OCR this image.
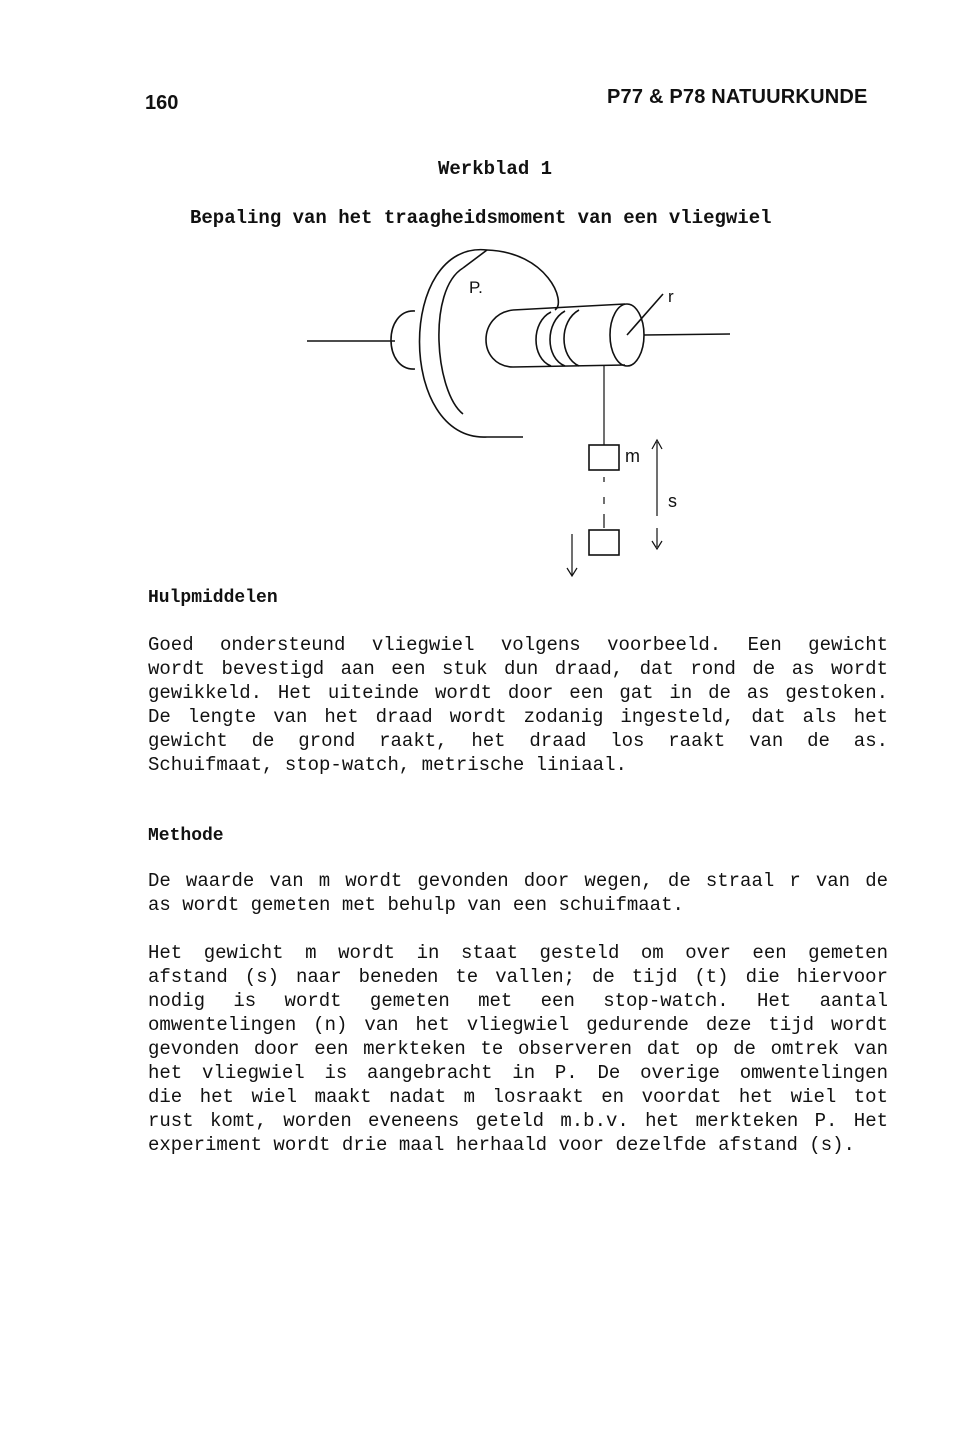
160	P77 & P78 NATUURKUNDE
Werkblad 1
Bepaling van het traagheidsmoment van een vliegwiel
P.	r
m
s
Hulpmiddelen

Goed ondersteund vliegwiel volgens voorbeeld. Een gewicht
wordt bevestigd aan een stuk dun draad, dat rond de as wordt
gewikkeld. Het uiteinde wordt door een gat in de as gestoken.
De lengte van het draad wordt zodanig ingesteld, dat als het
gewicht de grond raakt, het draad los raakt van de as.
Schuifmaat, stop-watch, metrische liniaal.

Methode

De waarde van m wordt gevonden door wegen, de straal r van de
as wordt gemeten met behulp van een schuifmaat.

Het gewicht m wordt in staat gesteld om over een gemeten
afstand (s) naar beneden te vallen; de tijd (t) die hiervoor
nodig is wordt gemeten met een stop-watch. Het aantal
omwentelingen (n) van het vliegwiel gedurende deze tijd wordt
gevonden door een merkteken te observeren dat op de omtrek van
het vliegwiel is aangebracht in P. De overige omwentelingen
die het wiel maakt nadat m losraakt en voordat het wiel tot
rust komt, worden eveneens geteld m.b.v. het merkteken P. Het
experiment wordt drie maal herhaald voor dezelfde afstand (s).
